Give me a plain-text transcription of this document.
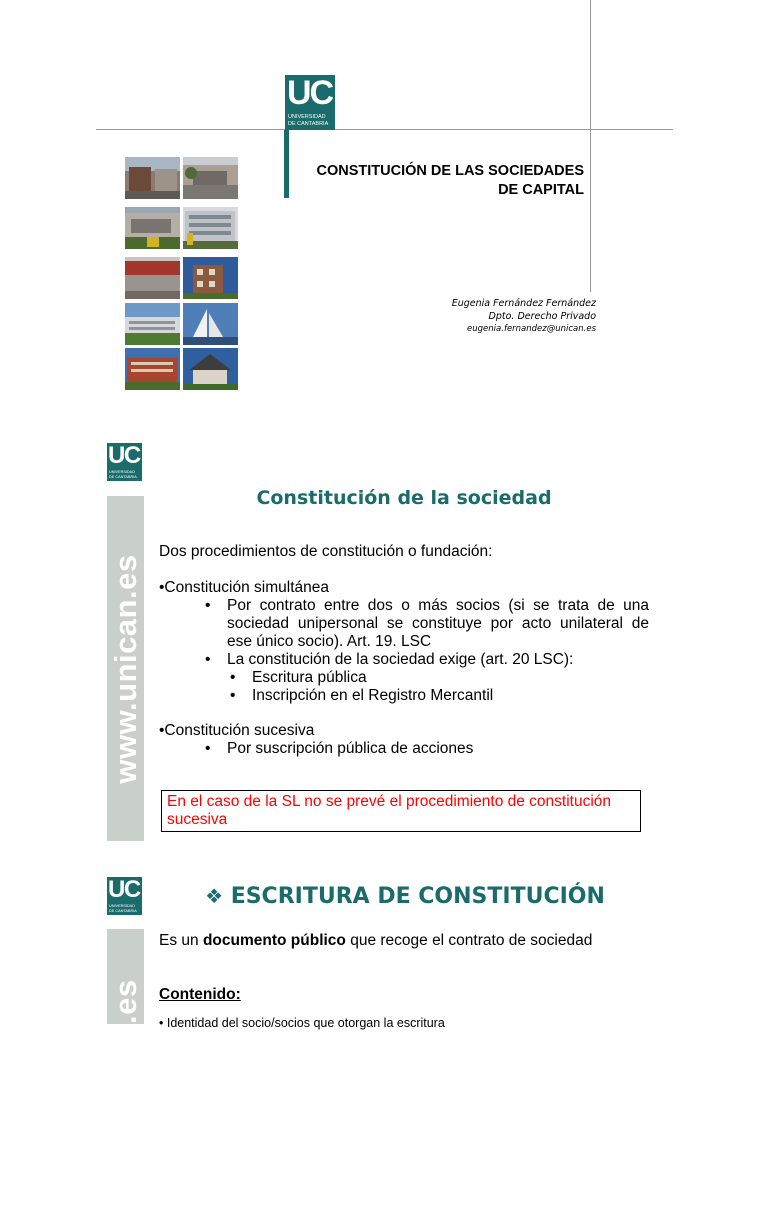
UC
UNIVERSIDAD
DE CANTABRIA
CONSTITUCIÓN DE LAS SOCIEDADES
DE CAPITAL
Eugenia Fernández Fernández
Dpto. Derecho Privado
eugenia.fernandez@unican.es
UC
UNIVERSIDAD
DE CANTABRIA
www.unican.es
Constitución de la sociedad
Dos procedimientos de constitución o fundación:
•Constitución simultánea
• Por contrato entre dos o más socios (si se trata de una
sociedad unipersonal se constituye por acto unilateral de
ese único socio). Art. 19. LSC
• La constitución de la sociedad exige (art. 20 LSC):
• Escritura pública
• Inscripción en el Registro Mercantil
•Constitución sucesiva
• Por suscripción pública de acciones
En el caso de la SL no se prevé el procedimiento de constitución
sucesiva
UC
UNIVERSIDAD
DE CANTABRIA
www.unican.es
❖ ESCRITURA DE CONSTITUCIÓN
Es un documento público que recoge el contrato de sociedad
Contenido:
• Identidad del socio/socios que otorgan la escritura
